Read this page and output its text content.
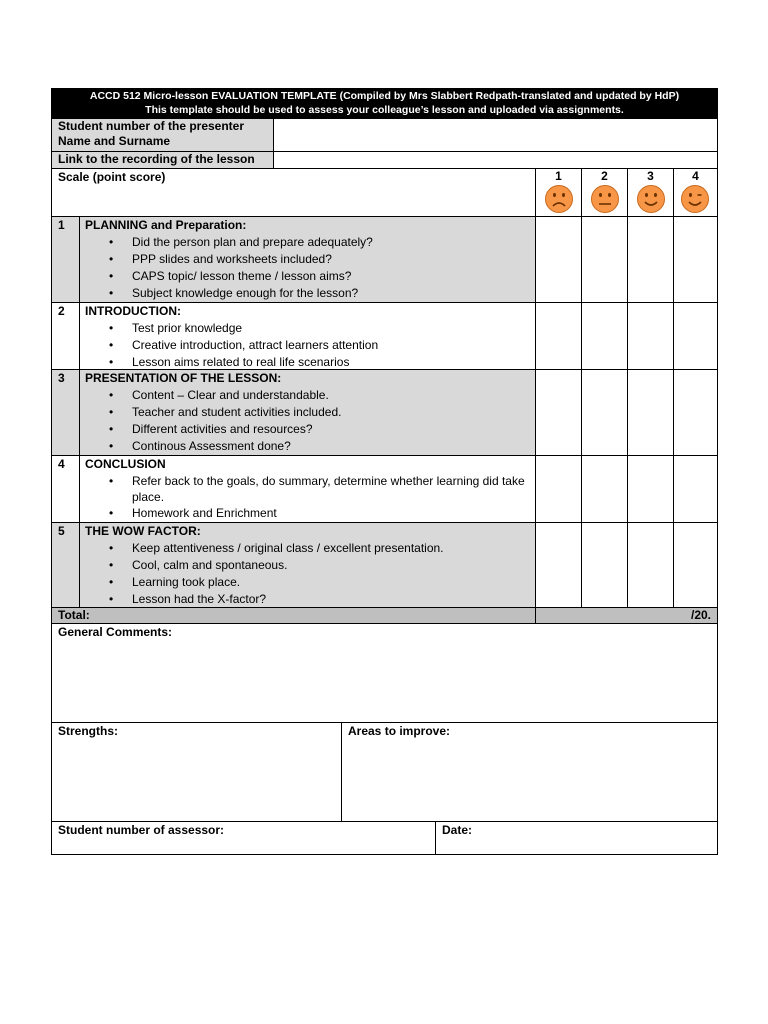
ACCD 512 Micro-lesson EVALUATION TEMPLATE (Compiled by Mrs Slabbert Redpath-translated and updated by HdP)
This template should be used to assess your colleague’s lesson and uploaded via assignments.
Student number of the presenter
Name and Surname
Link to the recording of the lesson
Scale (point score)	1	2	3	4
1	PLANNING and Preparation:
• Did the person plan and prepare adequately?
• PPP slides and worksheets included?
• CAPS topic/ lesson theme / lesson aims?
• Subject knowledge enough for the lesson?
2	INTRODUCTION:
• Test prior knowledge
• Creative introduction, attract learners attention
• Lesson aims related to real life scenarios
3	PRESENTATION OF THE LESSON:
• Content – Clear and understandable.
• Teacher and student activities included.
• Different activities and resources?
• Continous Assessment done?
4	CONCLUSION
• Refer back to the goals, do summary, determine whether learning did take place.
• Homework and Enrichment
5	THE WOW FACTOR:
• Keep attentiveness / original class / excellent presentation.
• Cool, calm and spontaneous.
• Learning took place.
• Lesson had the X-factor?
Total:	/20.
General Comments:
Strengths:	Areas to improve:
Student number of assessor:	Date:
